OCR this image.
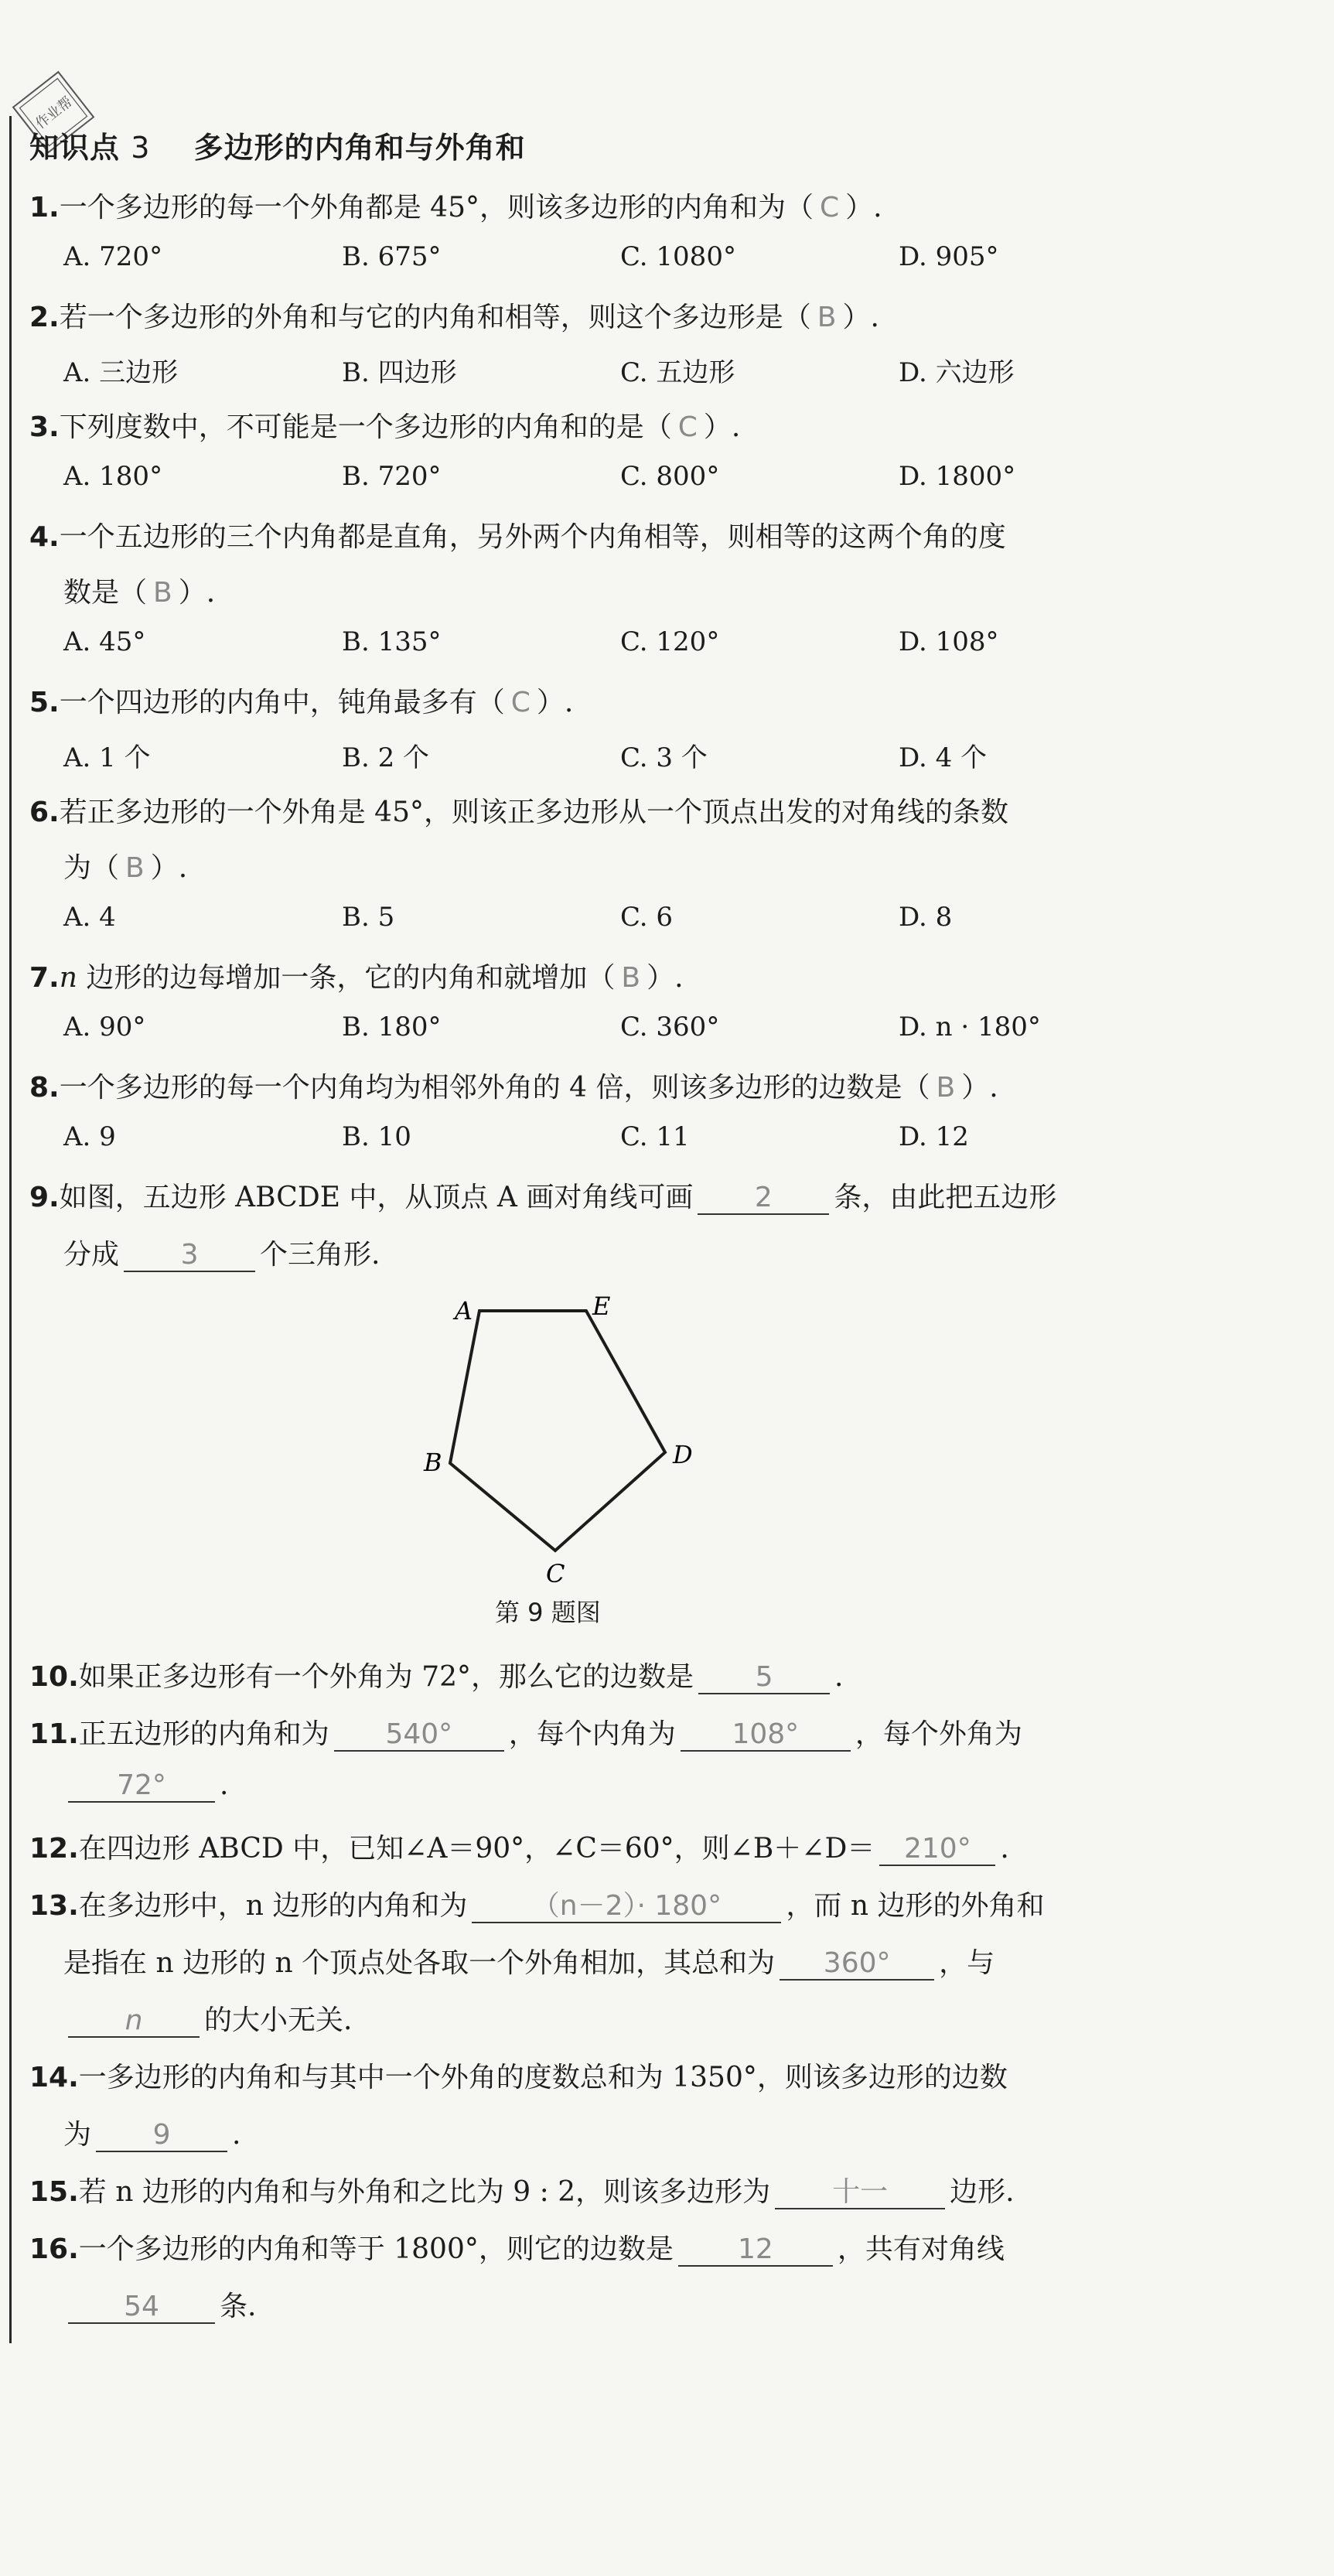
作业帮
知识点 3 多边形的内角和与外角和
1.一个多边形的每一个外角都是 45°，则该多边形的内角和为（ C ）.
A. 720°	B. 675°	C. 1080°	D. 905°
2.若一个多边形的外角和与它的内角和相等，则这个多边形是（ B ）.
A. 三边形	B. 四边形	C. 五边形	D. 六边形
3.下列度数中，不可能是一个多边形的内角和的是（ C ）.
A. 180°	B. 720°	C. 800°	D. 1800°
4.一个五边形的三个内角都是直角，另外两个内角相等，则相等的这两个角的度
数是（ B ）.
A. 45°	B. 135°	C. 120°	D. 108°
5.一个四边形的内角中，钝角最多有（ C ）.
A. 1 个	B. 2 个	C. 3 个	D. 4 个
6.若正多边形的一个外角是 45°，则该正多边形从一个顶点出发的对角线的条数
为（ B ）.
A. 4	B. 5	C. 6	D. 8
7.n 边形的边每增加一条，它的内角和就增加（ B ）.
A. 90°	B. 180°	C. 360°	D. n · 180°
8.一个多边形的每一个内角均为相邻外角的 4 倍，则该多边形的边数是（ B ）.
A. 9	B. 10	C. 11	D. 12
9.如图，五边形 ABCDE 中，从顶点 A 画对角线可画 2 条，由此把五边形
分成 3 个三角形.
A	E
D
C
B
第 9 题图
10.如果正多边形有一个外角为 72°，那么它的边数是 5 .
11.正五边形的内角和为 540° ，每个内角为 108° ，每个外角为
72° .
12.在四边形 ABCD 中，已知∠A＝90°，∠C＝60°，则∠B＋∠D＝ 210° .
13.在多边形中，n 边形的内角和为 （n－2）· 180° ，而 n 边形的外角和
是指在 n 边形的 n 个顶点处各取一个外角相加，其总和为 360° ，与
n 的大小无关.
14.一多边形的内角和与其中一个外角的度数总和为 1350°，则该多边形的边数
为 9 .
15.若 n 边形的内角和与外角和之比为 9 : 2，则该多边形为 十一 边形.
16.一个多边形的内角和等于 1800°，则它的边数是 12 ，共有对角线
54 条.
